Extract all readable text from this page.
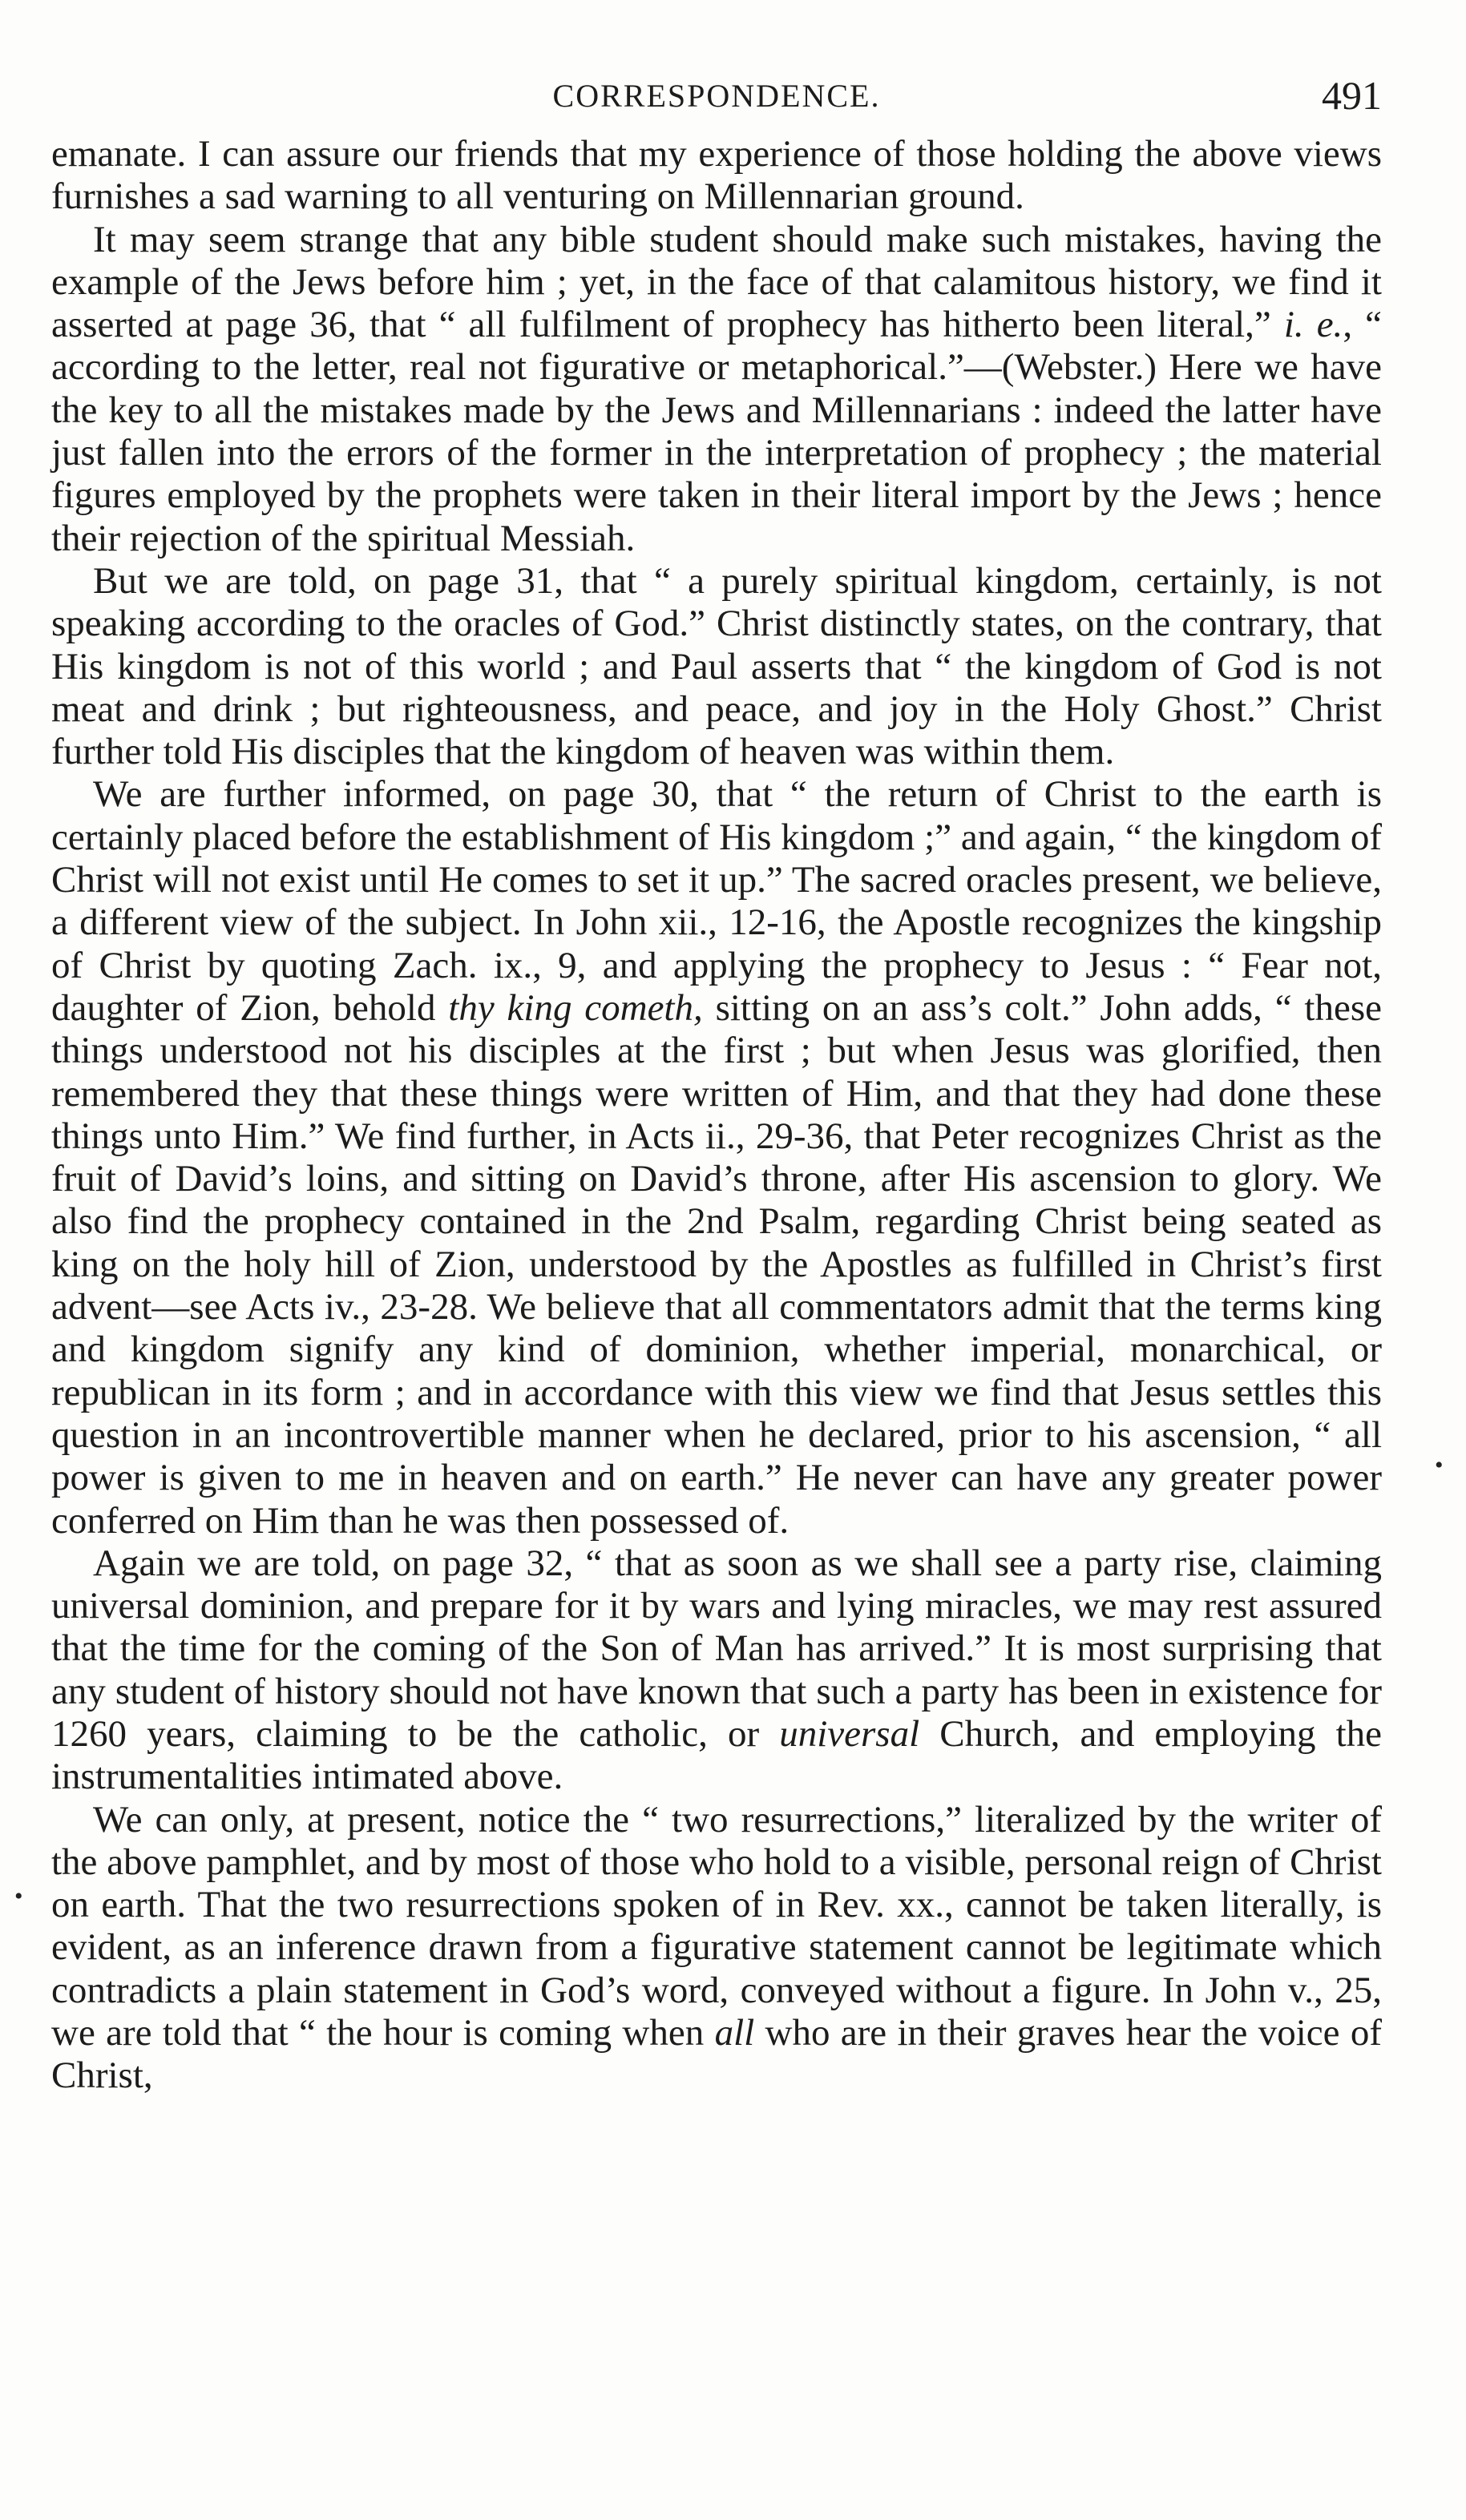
CORRESPONDENCE.	491

emanate. I can assure our friends that my experience of those holding the above views furnishes a sad warning to all venturing on Millennarian ground.

It may seem strange that any bible student should make such mistakes, having the example of the Jews before him ; yet, in the face of that calamitous history, we find it asserted at page 36, that “ all fulfilment of prophecy has hitherto been literal,” i. e., “ according to the letter, real not figurative or metaphorical.”—(Webster.) Here we have the key to all the mistakes made by the Jews and Millennarians : indeed the latter have just fallen into the errors of the former in the interpretation of prophecy ; the material figures employed by the prophets were taken in their literal import by the Jews ; hence their rejection of the spiritual Messiah.

But we are told, on page 31, that “ a purely spiritual kingdom, certainly, is not speaking according to the oracles of God.” Christ distinctly states, on the contrary, that His kingdom is not of this world ; and Paul asserts that “ the kingdom of God is not meat and drink ; but righteousness, and peace, and joy in the Holy Ghost.” Christ further told His disciples that the kingdom of heaven was within them.

We are further informed, on page 30, that “ the return of Christ to the earth is certainly placed before the establishment of His kingdom ;” and again, “ the kingdom of Christ will not exist until He comes to set it up.” The sacred oracles present, we believe, a different view of the subject. In John xii., 12-16, the Apostle recognizes the kingship of Christ by quoting Zach. ix., 9, and applying the prophecy to Jesus : “ Fear not, daughter of Zion, behold thy king cometh, sitting on an ass’s colt.” John adds, “ these things understood not his disciples at the first ; but when Jesus was glorified, then remembered they that these things were written of Him, and that they had done these things unto Him.” We find further, in Acts ii., 29-36, that Peter recognizes Christ as the fruit of David’s loins, and sitting on David’s throne, after His ascension to glory. We also find the prophecy contained in the 2nd Psalm, regarding Christ being seated as king on the holy hill of Zion, understood by the Apostles as fulfilled in Christ’s first advent—see Acts iv., 23-28. We believe that all commentators admit that the terms king and kingdom signify any kind of dominion, whether imperial, monarchical, or republican in its form ; and in accordance with this view we find that Jesus settles this question in an incontrovertible manner when he declared, prior to his ascension, “ all power is given to me in heaven and on earth.” He never can have any greater power conferred on Him than he was then possessed of.

Again we are told, on page 32, “ that as soon as we shall see a party rise, claiming universal dominion, and prepare for it by wars and lying miracles, we may rest assured that the time for the coming of the Son of Man has arrived.” It is most surprising that any student of history should not have known that such a party has been in existence for 1260 years, claiming to be the catholic, or universal Church, and employing the instrumentalities intimated above.

We can only, at present, notice the “ two resurrections,” literalized by the writer of the above pamphlet, and by most of those who hold to a visible, personal reign of Christ on earth. That the two resurrections spoken of in Rev. xx., cannot be taken literally, is evident, as an inference drawn from a figurative statement cannot be legitimate which contradicts a plain statement in God’s word, conveyed without a figure. In John v., 25, we are told that “ the hour is coming when all who are in their graves hear the voice of Christ,

•
•
